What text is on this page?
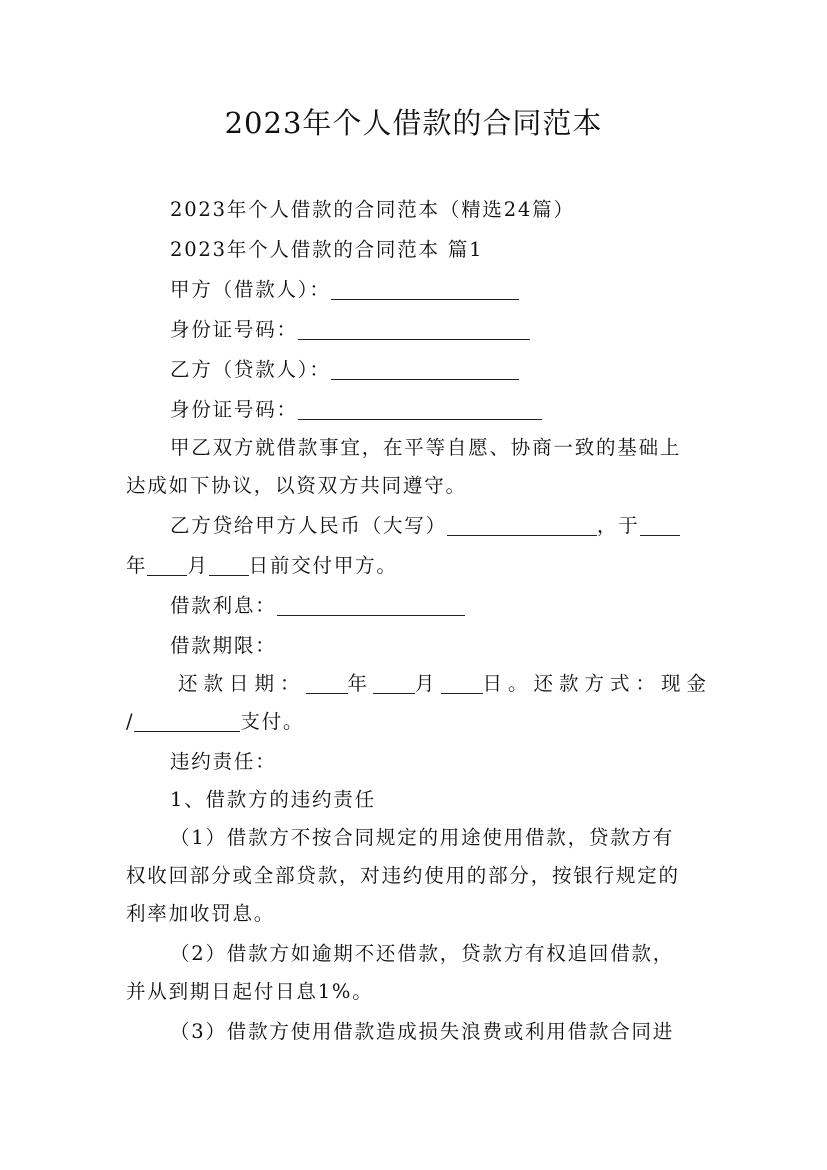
2023年个人借款的合同范本
2023年个人借款的合同范本（精选24篇）
2023年个人借款的合同范本 篇1
甲方（借款人）：
身份证号码：
乙方（贷款人）：
身份证号码：
甲乙双方就借款事宜，在平等自愿、协商一致的基础上
达成如下协议，以资双方共同遵守。
乙方贷给甲方人民币（大写）	，于
年 月 日前交付甲方。
借款利息：
借款期限：
还款日期： 年 月 日。还款方式：现金
/	支付。
违约责任：
1、借款方的违约责任
（1）借款方不按合同规定的用途使用借款，贷款方有
权收回部分或全部贷款，对违约使用的部分，按银行规定的
利率加收罚息。
（2）借款方如逾期不还借款，贷款方有权追回借款，
并从到期日起付日息1%。
（3）借款方使用借款造成损失浪费或利用借款合同进
